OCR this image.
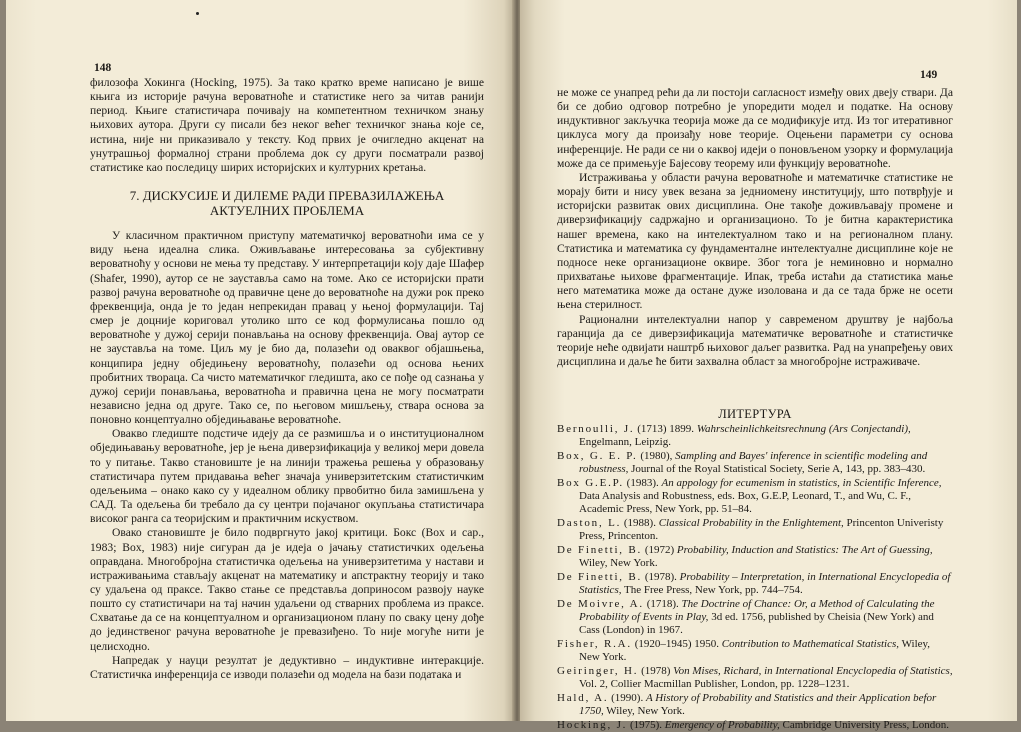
148

филозофа Хокинга (Hocking, 1975). За тако кратко време написано је више књига из историје рачуна вероватноће и статистике него за читав ранији период. Књиге статистичара почивају на компетентном техничком знању њихових аутора. Други су писали без неког већег техничког знања које се, истина, није ни приказивало у тексту. Код првих је очигледно акценат на унутрашњој формалној страни проблема док су други посматрали развој статистике као последицу ширих историјских и културних кретања.

7. ДИСКУСИЈЕ И ДИЛЕМЕ РАДИ ПРЕВАЗИЛАЖЕЊА
АКТУЕЛНИХ ПРОБЛЕМА

У класичном практичном приступу математичкој вероватноћи има се у виду њена идеална слика. Оживљавање интересовања за субјективну вероватноћу у основи не мења ту представу. У интерпретацији коју даје Шафер (Shafer, 1990), аутор се не зауставља само на томе. Ако се историјски прати развој рачуна вероватноће од правичне цене до вероватноће на дужи рок преко фреквенција, онда је то један непрекидан правац у њеној формулацији. Тај смер је доцније кориговал утолико што се код формулисања пошло од вероватноће у дужој серији понављања на основу фреквенција. Овај аутор се не зауставља на томе. Циљ му је био да, полазећи од оваквог објашњења, конципира једну обједињену вероватноћу, полазећи од основа њених пробитних твораца. Са чисто математичког гледишта, ако се пође од сазнања у дужој серији понављања, вероватноћа и правична цена не могу посматрати независно једна од друге. Тако се, по његовом мишљењу, ствара основа за поновно концептуално обједињавање вероватноће.

Овакво гледиште подстиче идеју да се размишља и о институционалном обједињавању вероватноће, јер је њена диверзификација у великој мери довела то у питање. Такво становиште је на линији тражења решења у образовању статистичара путем придавања већег значаја универзитетским статистичким одељењима – онако како су у идеалном облику првобитно била замишљена у САД. Та одељења би требало да су центри појачаног окупљања статистичара високог ранга са теоријским и практичним искуством.

Овако становиште је било подвргнуто јакој критици. Бокс (Box и сар., 1983; Box, 1983) није сигуран да је идеја о јачању статистичких одељења оправдана. Многобројна статистичка одељења на универзитетима у настави и истраживањима стављају акценат на математику и апстрактну теорију и тако су удаљена од праксе. Такво стање се представља доприносом развоју науке пошто су статистичари на тај начин удаљени од стварних проблема из праксе. Схватање да се на концептуалном и организационом плану по сваку цену дође до јединственог рачуна вероватноће је превазиђено. То није могуће нити је целисходно.

Напредак у науци резултат је дедуктивно – индуктивне интеракције. Статистичка инференција се изводи полазећи од модела на бази података и

149

не може се унапред рећи да ли постоји сагласност између ових двеју ствари. Да би се добио одговор потребно је упоредити модел и податке. На основу индуктивног закључка теорија може да се модификује итд. Из тог итеративног циклуса могу да произађу нове теорије. Оцењени параметри су основа инференције. Не ради се ни о каквој идеји о поновљеном узорку и формулација може да се примењује Бајесову теорему или функцију вероватноће.

Истраживања у области рачуна вероватноће и математичке статистике не морају бити и нису увек везана за једниомену институцију, што потврђује и историјски развитак ових дисциплина. Оне такође доживљавају промене и диверзификацију садржајно и организационо. То је битна карактеристика нашег времена, како на интелектуалном тако и на регионалном плану. Статистика и математика су фундаменталне интелектуалне дисциплине које не подносе неке организационе оквире. Због тога је неминовно и нормално прихватање њихове фрагментације. Ипак, треба истаћи да статистика мање него математика може да остане дуже изолована и да се тада брже не осети њена стерилност.

Рационални интелектуални напор у савременом друштву је најбоља гаранција да се диверзификација математичке вероватноће и статистичке теорије неће одвијати наштрб њиховог даљег развитка. Рад на унапређењу ових дисциплина и даље ће бити захвална област за многобројне истраживаче.

ЛИТЕРТУРА

Bernoulli, J. (1713) 1899. Wahrscheinlichkeitsrechnung (Ars Conjectandi), Engelmann, Leipzig.

Box, G. E. P. (1980), Sampling and Bayes' inference in scientific modeling and robustness, Journal of the Royal Statistical Society, Serie A, 143, pp. 383–430.

Box G.E.P. (1983). An appology for ecumenism in statistics, in Scientific Inference, Data Analysis and Robustness, eds. Box, G.E.P, Leonard, T., and Wu, C. F., Academic Press, New York, pp. 51–84.

Daston, L. (1988). Classical Probability in the Enlightement, Princenton Univeristy Press, Princenton.

De Finetti, B. (1972) Probability, Induction and Statistics: The Art of Guessing, Wiley, New York.

De Finetti, B. (1978). Probability – Interpretation, in International Encyclopedia of Statistics, The Free Press, New York, pp. 744–754.

De Moivre, A. (1718). The Doctrine of Chance: Or, a Method of Calculating the Probability of Events in Play, 3d ed. 1756, published by Cheisia (New York) and Cass (London) in 1967.

Fisher, R.A. (1920–1945) 1950. Contribution to Mathematical Statistics, Wiley, New York.

Geiringer, H. (1978) Von Mises, Richard, in International Encyclopedia of Statistics, Vol. 2, Collier Macmillan Publisher, London, pp. 1228–1231.

Hald, A. (1990). A History of Probability and Statistics and their Application befor 1750, Wiley, New York.

Hocking, J. (1975). Emergency of Probability, Cambridge University Press, London.
